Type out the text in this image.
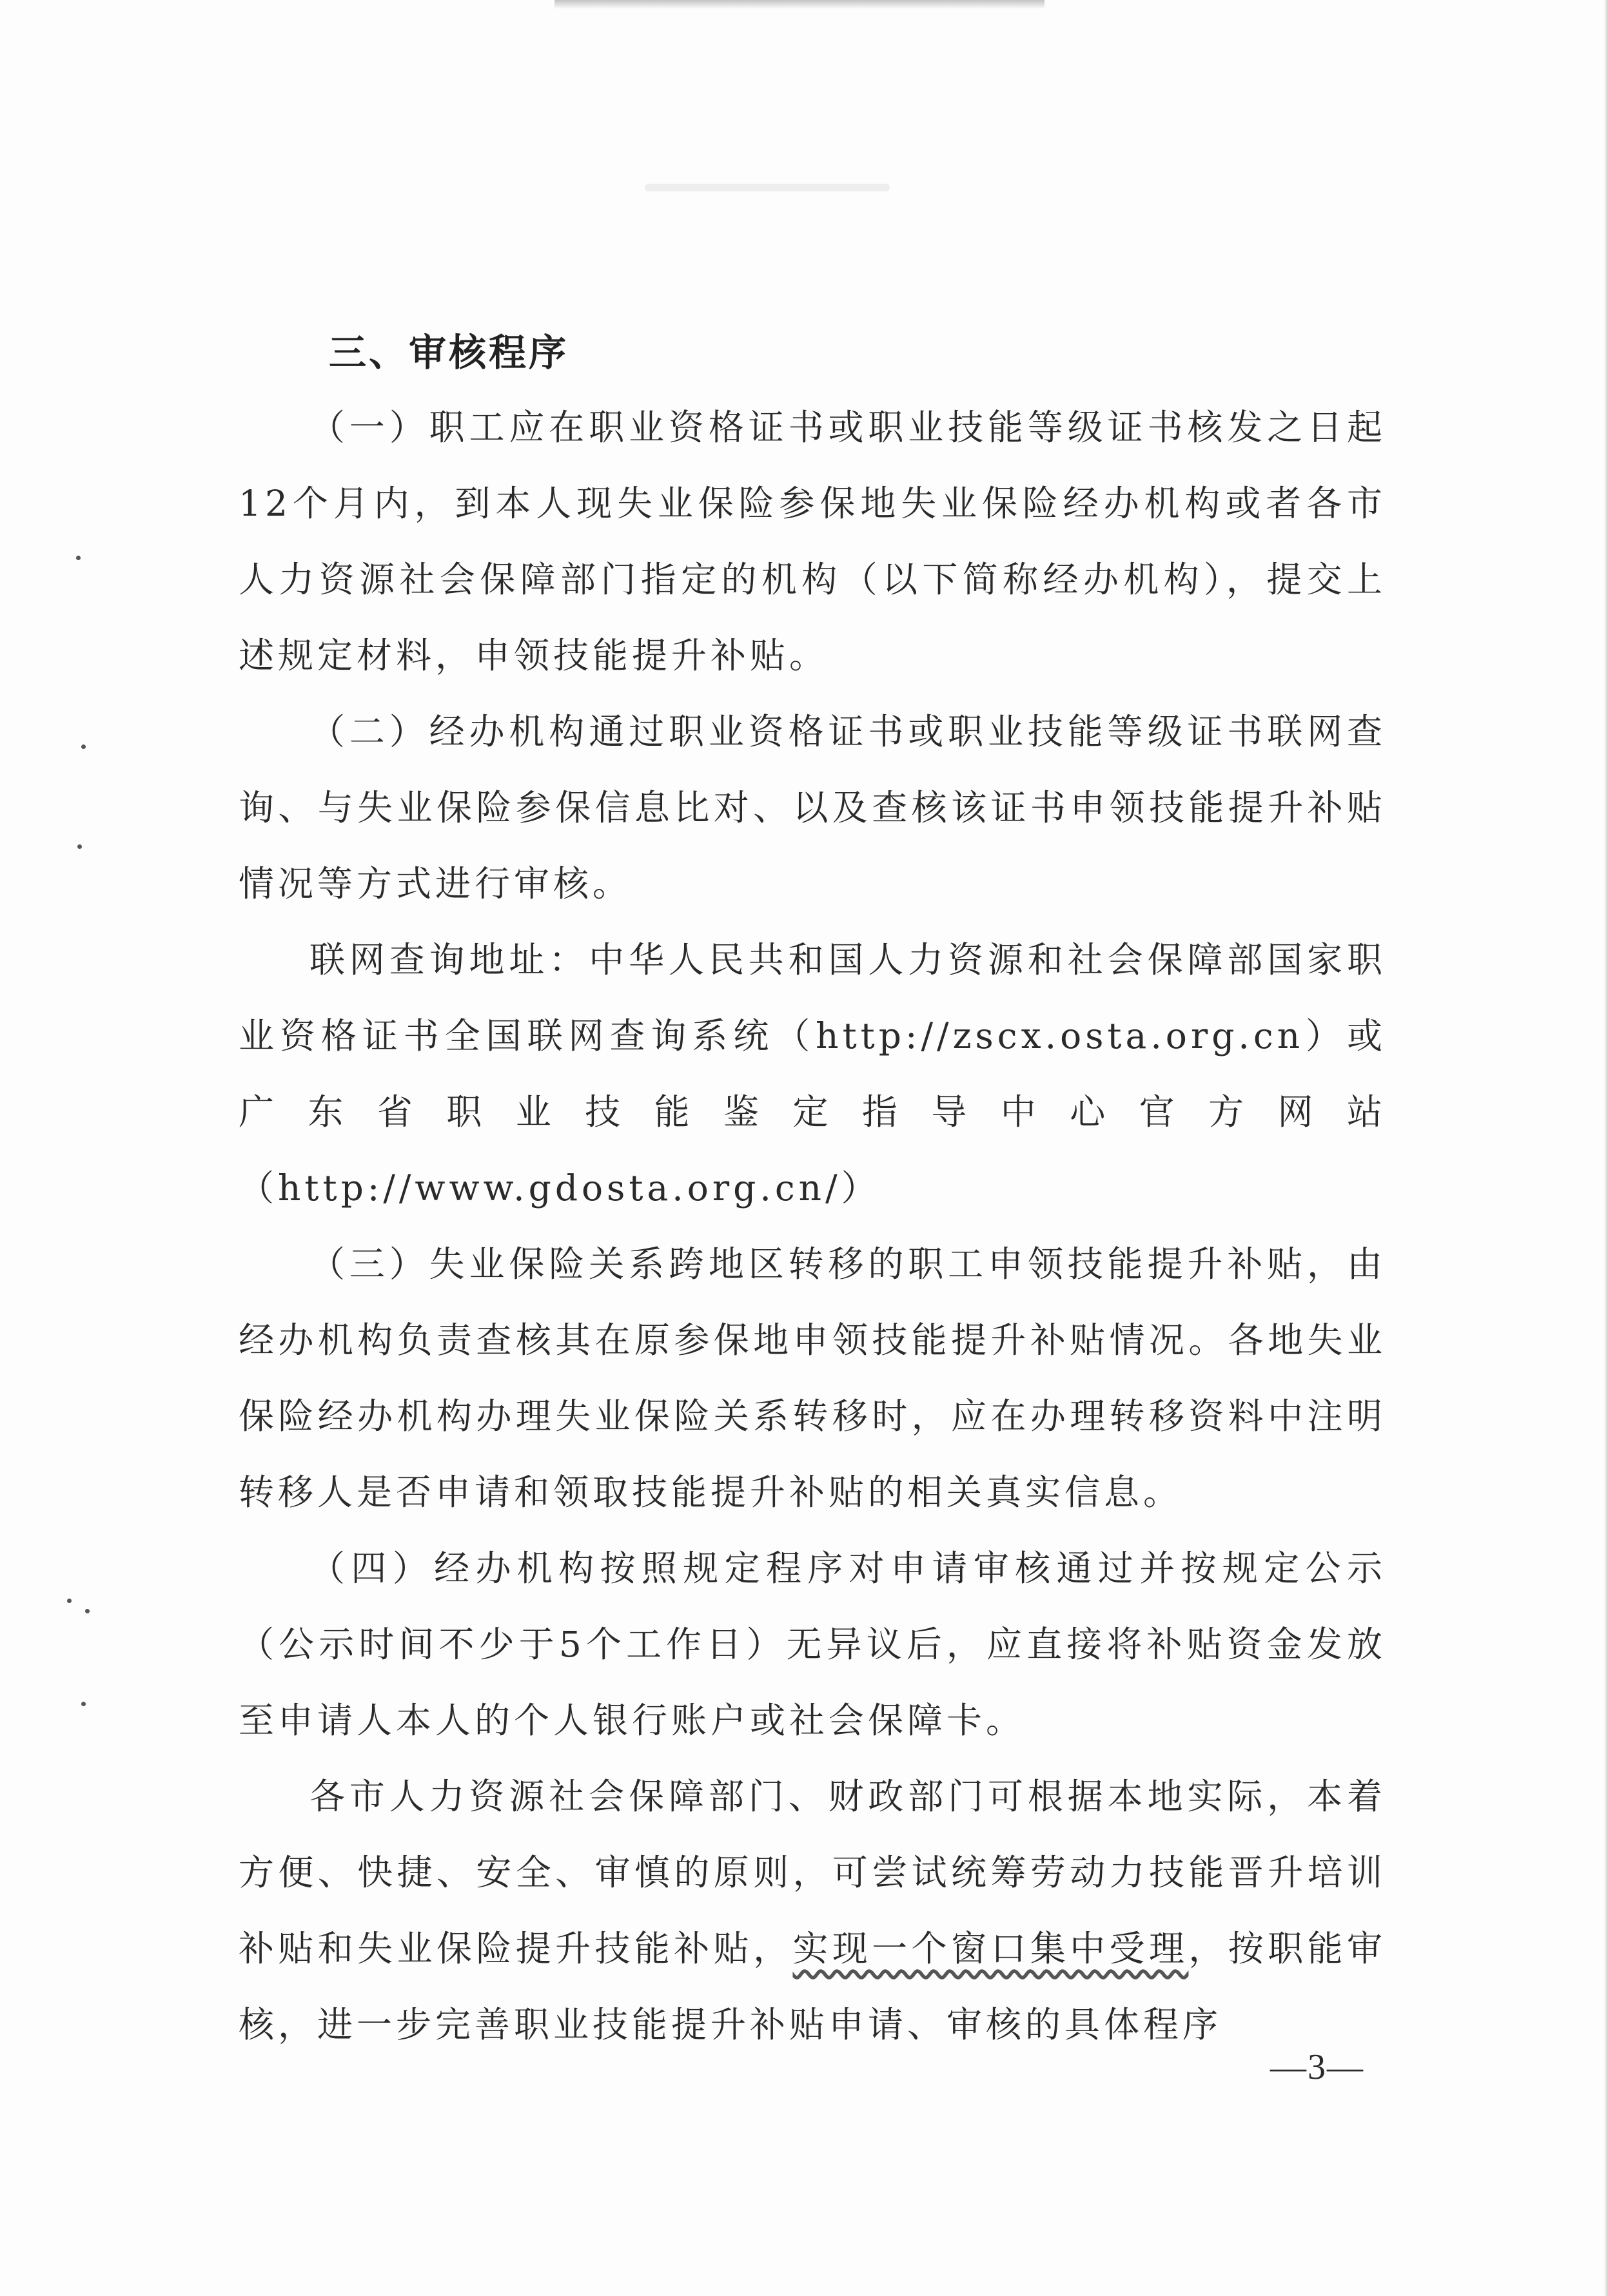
三、审核程序

（一）职工应在职业资格证书或职业技能等级证书核发之日起12个月内，到本人现失业保险参保地失业保险经办机构或者各市人力资源社会保障部门指定的机构（以下简称经办机构），提交上述规定材料，申领技能提升补贴。

（二）经办机构通过职业资格证书或职业技能等级证书联网查询、与失业保险参保信息比对、以及查核该证书申领技能提升补贴情况等方式进行审核。

联网查询地址：中华人民共和国人力资源和社会保障部国家职业资格证书全国联网查询系统（http://zscx.osta.org.cn）或广东省职业技能鉴定指导中心官方网站（http://www.gdosta.org.cn/）

（三）失业保险关系跨地区转移的职工申领技能提升补贴，由经办机构负责查核其在原参保地申领技能提升补贴情况。各地失业保险经办机构办理失业保险关系转移时，应在办理转移资料中注明转移人是否申请和领取技能提升补贴的相关真实信息。

（四）经办机构按照规定程序对申请审核通过并按规定公示（公示时间不少于5个工作日）无异议后，应直接将补贴资金发放至申请人本人的个人银行账户或社会保障卡。

各市人力资源社会保障部门、财政部门可根据本地实际，本着方便、快捷、安全、审慎的原则，可尝试统筹劳动力技能晋升培训补贴和失业保险提升技能补贴，实现一个窗口集中受理，按职能审核，进一步完善职业技能提升补贴申请、审核的具体程序

—3—
